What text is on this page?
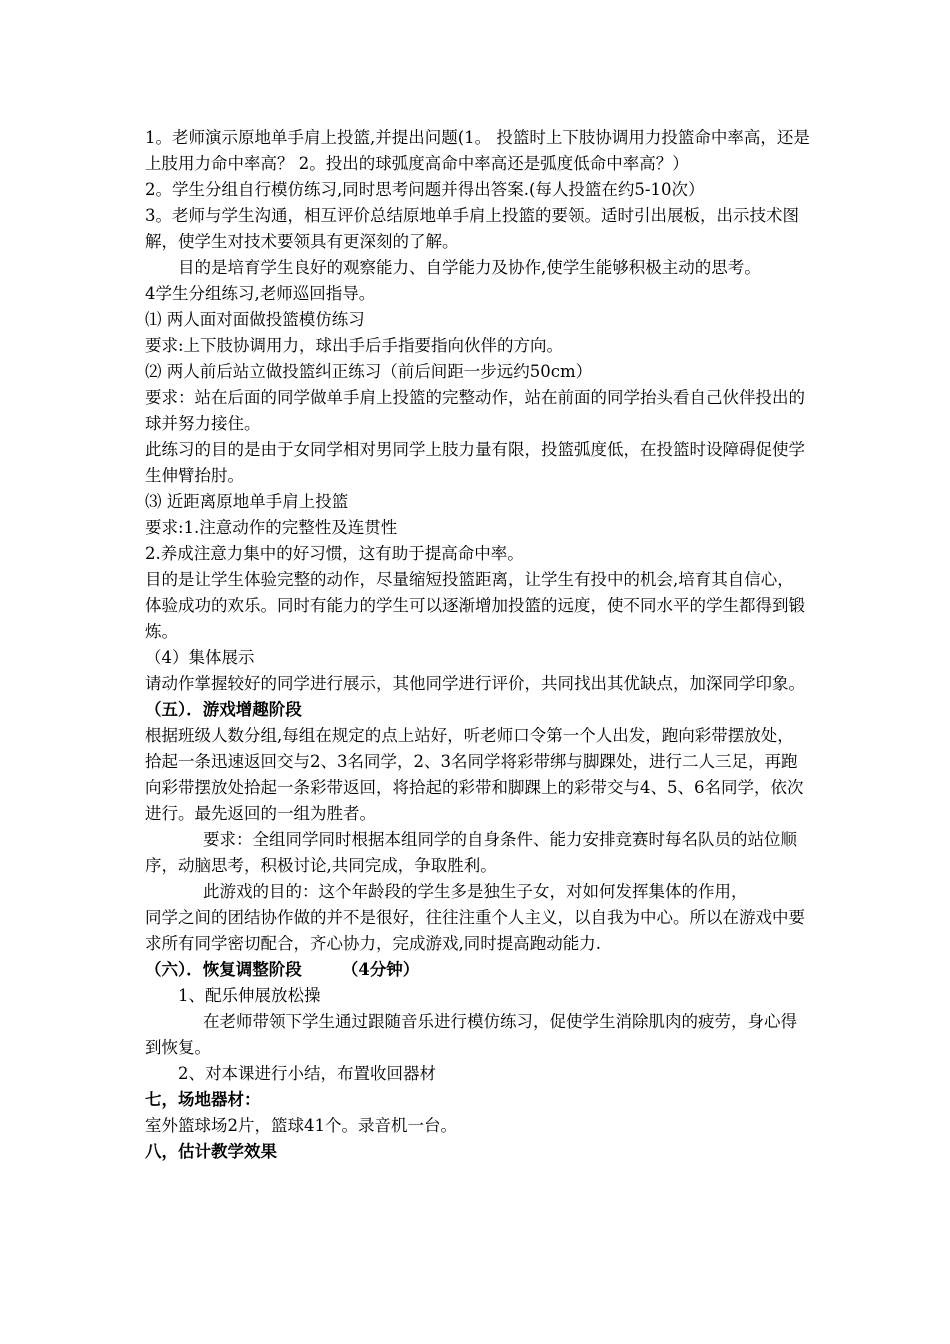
1。老师演示原地单手肩上投篮,并提出问题(1。 投篮时上下肢协调用力投篮命中率高，还是上肢用力命中率高？ 2。投出的球弧度高命中率高还是弧度低命中率高？）

2。学生分组自行模仿练习,同时思考问题并得出答案.(每人投篮在约5-10次）

3。老师与学生沟通，相互评价总结原地单手肩上投篮的要领。适时引出展板，出示技术图解，使学生对技术要领具有更深刻的了解。

目的是培育学生良好的观察能力、自学能力及协作,使学生能够积极主动的思考。

4学生分组练习,老师巡回指导。

⑴ 两人面对面做投篮模仿练习

要求:上下肢协调用力，球出手后手指要指向伙伴的方向。

⑵ 两人前后站立做投篮纠正练习（前后间距一步远约50cm）

要求：站在后面的同学做单手肩上投篮的完整动作，站在前面的同学抬头看自己伙伴投出的球并努力接住。

此练习的目的是由于女同学相对男同学上肢力量有限，投篮弧度低，在投篮时设障碍促使学生伸臂抬肘。

⑶ 近距离原地单手肩上投篮

要求:1.注意动作的完整性及连贯性

2.养成注意力集中的好习惯，这有助于提高命中率。

目的是让学生体验完整的动作，尽量缩短投篮距离，让学生有投中的机会,培育其自信心，体验成功的欢乐。同时有能力的学生可以逐渐增加投篮的远度，使不同水平的学生都得到锻炼。

（4）集体展示

请动作掌握较好的同学进行展示，其他同学进行评价，共同找出其优缺点，加深同学印象。

（五）．游戏增趣阶段

根据班级人数分组,每组在规定的点上站好，听老师口令第一个人出发，跑向彩带摆放处，拾起一条迅速返回交与2、3名同学，2、3名同学将彩带绑与脚踝处，进行二人三足，再跑向彩带摆放处拾起一条彩带返回，将拾起的彩带和脚踝上的彩带交与4、5、6名同学，依次进行。最先返回的一组为胜者。

要求：全组同学同时根据本组同学的自身条件、能力安排竞赛时每名队员的站位顺序，动脑思考，积极讨论,共同完成，争取胜利。

此游戏的目的：这个年龄段的学生多是独生子女，对如何发挥集体的作用，

同学之间的团结协作做的并不是很好，往往注重个人主义，以自我为中心。所以在游戏中要求所有同学密切配合，齐心协力，完成游戏,同时提高跑动能力.

（六）．恢复调整阶段 （4分钟）

1、配乐伸展放松操

在老师带领下学生通过跟随音乐进行模仿练习，促使学生消除肌肉的疲劳，身心得到恢复。

2、对本课进行小结，布置收回器材

七，场地器材：

室外篮球场2片，篮球41个。录音机一台。

八，估计教学效果
